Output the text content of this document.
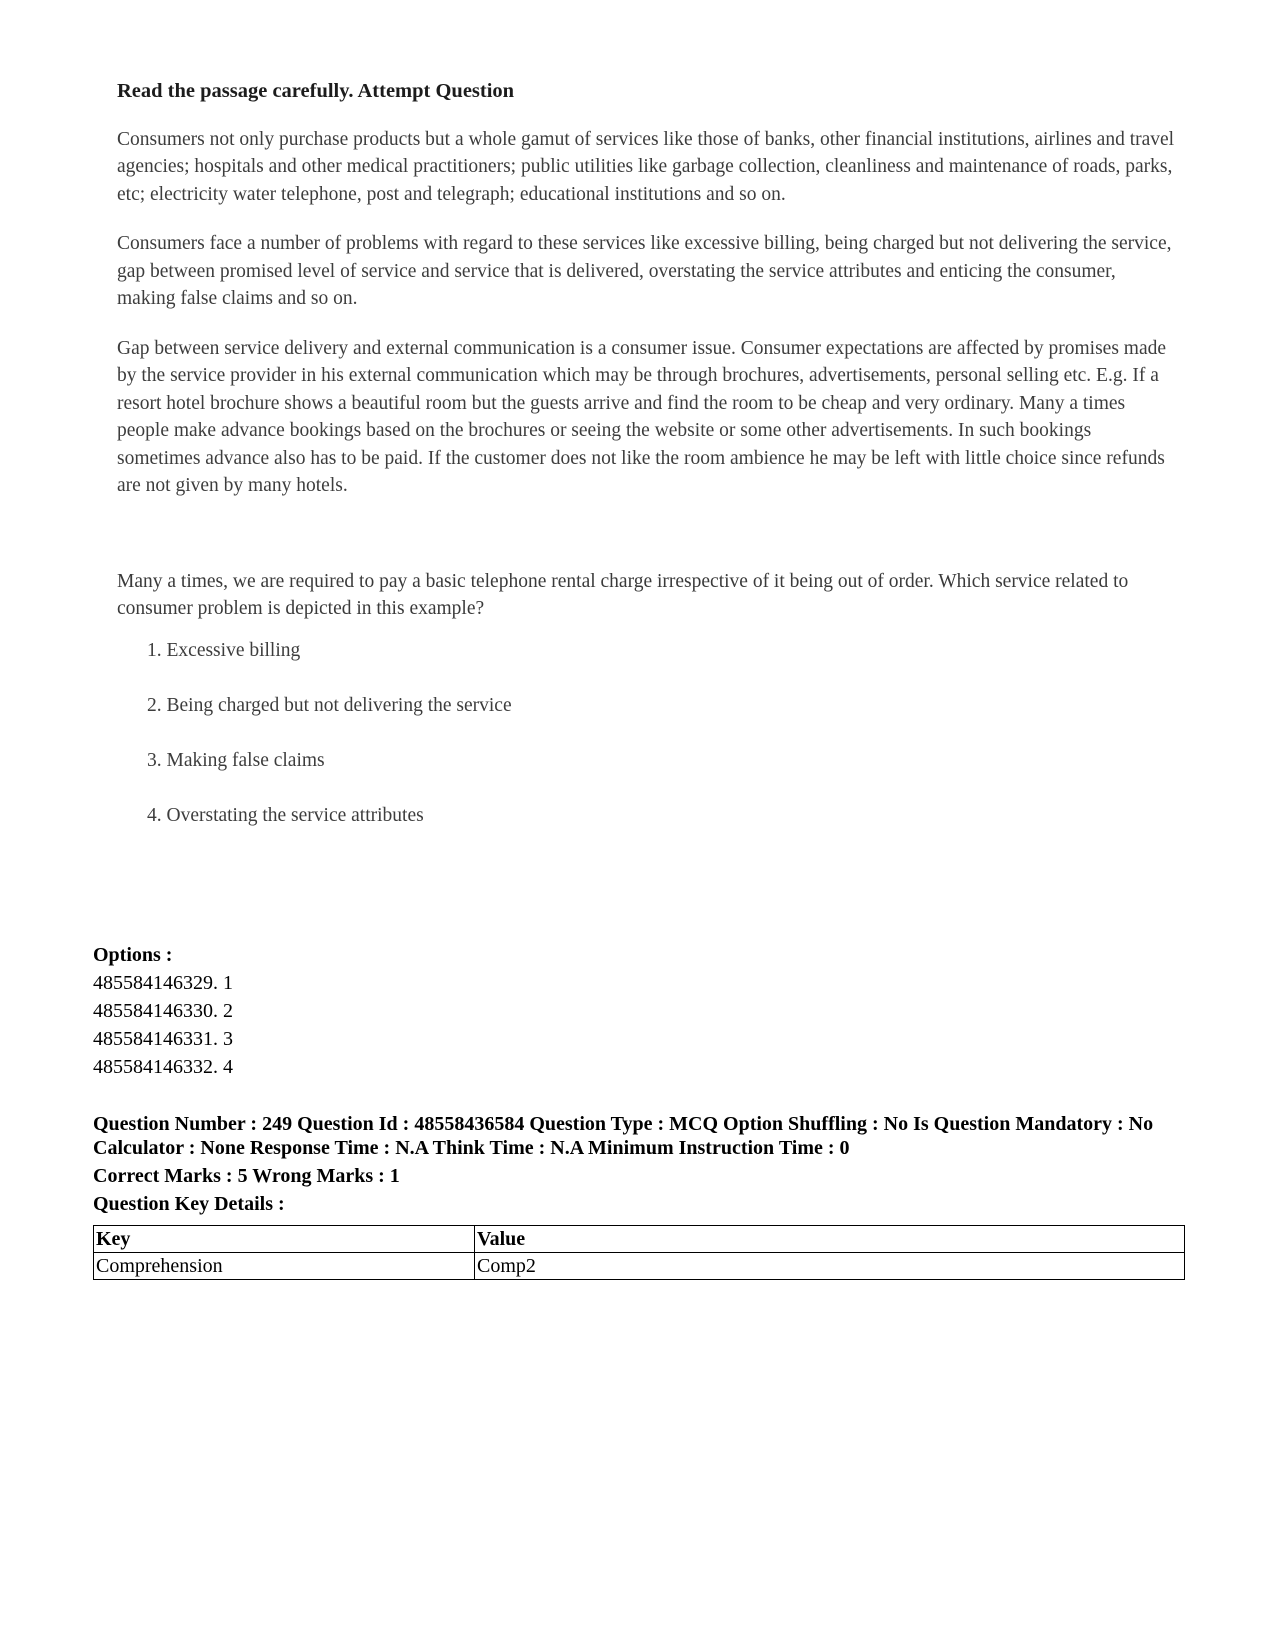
Read the passage carefully. Attempt Question

Consumers not only purchase products but a whole gamut of services like those of banks, other financial institutions, airlines and travel agencies; hospitals and other medical practitioners; public utilities like garbage collection, cleanliness and maintenance of roads, parks, etc; electricity water telephone, post and telegraph; educational institutions and so on.

Consumers face a number of problems with regard to these services like excessive billing, being charged but not delivering the service, gap between promised level of service and service that is delivered, overstating the service attributes and enticing the consumer, making false claims and so on.

Gap between service delivery and external communication is a consumer issue. Consumer expectations are affected by promises made by the service provider in his external communication which may be through brochures, advertisements, personal selling etc. E.g. If a resort hotel brochure shows a beautiful room but the guests arrive and find the room to be cheap and very ordinary. Many a times people make advance bookings based on the brochures or seeing the website or some other advertisements. In such bookings sometimes advance also has to be paid. If the customer does not like the room ambience he may be left with little choice since refunds are not given by many hotels.

Many a times, we are required to pay a basic telephone rental charge irrespective of it being out of order. Which service related to consumer problem is depicted in this example?

1. Excessive billing
2. Being charged but not delivering the service
3. Making false claims
4. Overstating the service attributes
Options :
485584146329. 1
485584146330. 2
485584146331. 3
485584146332. 4

Question Number : 249 Question Id : 48558436584 Question Type : MCQ Option Shuffling : No Is Question Mandatory : No Calculator : None Response Time : N.A Think Time : N.A Minimum Instruction Time : 0

Correct Marks : 5 Wrong Marks : 1

Question Key Details :

Key	Value
Comprehension	Comp2
